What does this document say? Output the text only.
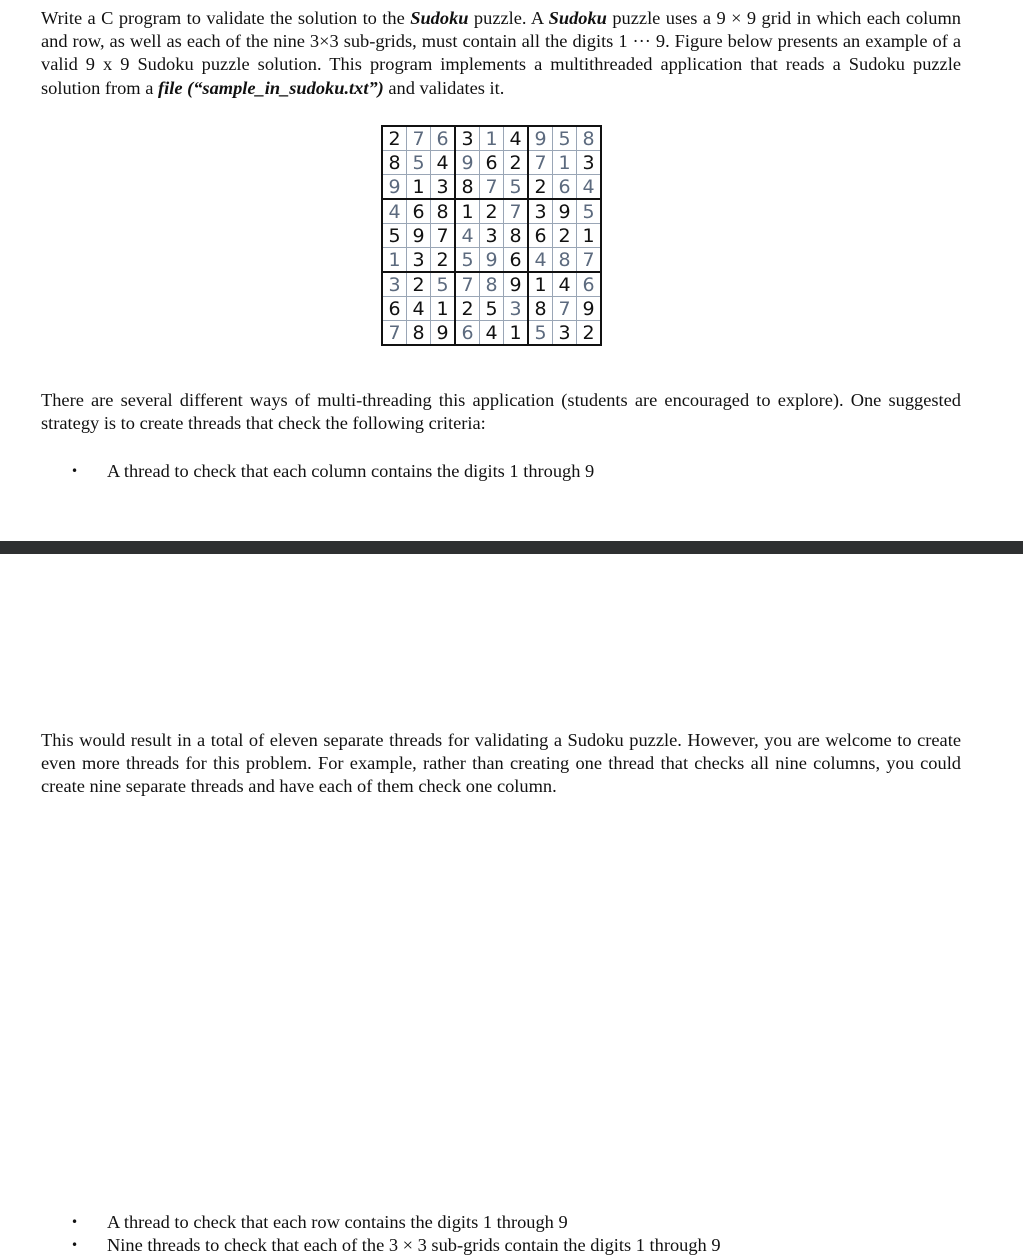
Write a C program to validate the solution to the Sudoku puzzle. A Sudoku puzzle uses a 9 × 9 grid in which each column and row, as well as each of the nine 3×3 sub-grids, must contain all the digits 1 ··· 9. Figure below presents an example of a valid 9 x 9 Sudoku puzzle solution. This program implements a multithreaded application that reads a Sudoku puzzle solution from a file (“sample_in_sudoku.txt”) and validates it.

2	7	6	3	1	4	9	5	8
8	5	4	9	6	2	7	1	3
9	1	3	8	7	5	2	6	4
4	6	8	1	2	7	3	9	5
5	9	7	4	3	8	6	2	1
1	3	2	5	9	6	4	8	7
3	2	5	7	8	9	1	4	6
6	4	1	2	5	3	8	7	9
7	8	9	6	4	1	5	3	2

There are several different ways of multi-threading this application (students are encouraged to explore). One suggested strategy is to create threads that check the following criteria:

• A thread to check that each column contains the digits 1 through 9
• A thread to check that each row contains the digits 1 through 9
• Nine threads to check that each of the 3 × 3 sub-grids contain the digits 1 through 9

This would result in a total of eleven separate threads for validating a Sudoku puzzle. However, you are welcome to create even more threads for this problem. For example, rather than creating one thread that checks all nine columns, you could create nine separate threads and have each of them check one column.
